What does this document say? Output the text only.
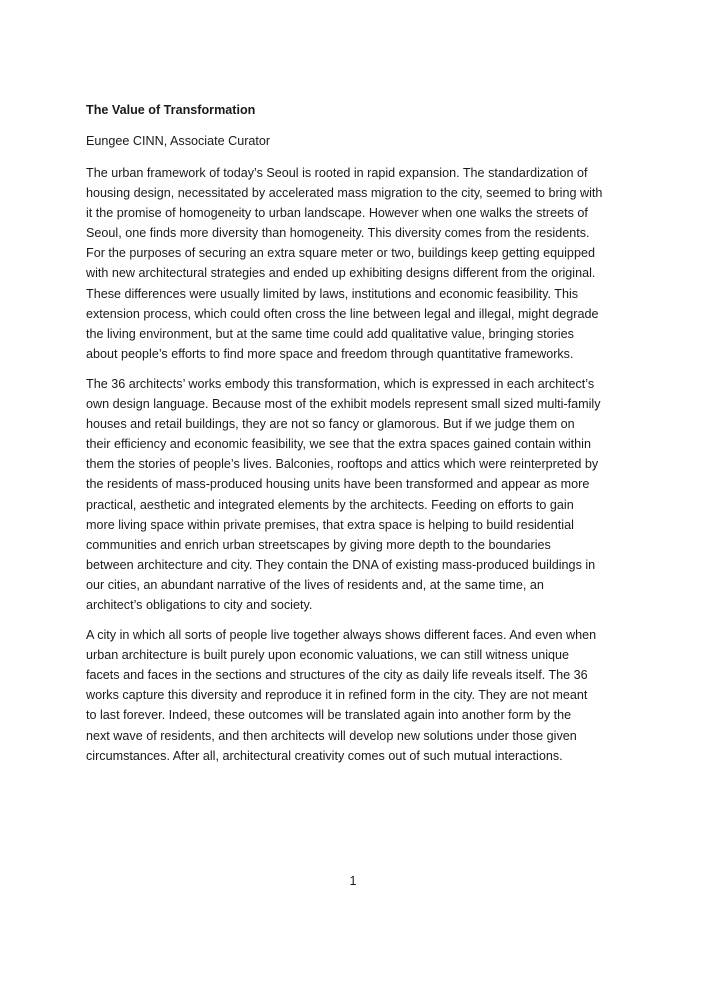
The Value of Transformation
Eungee CINN, Associate Curator
The urban framework of today’s Seoul is rooted in rapid expansion. The standardization of
housing design, necessitated by accelerated mass migration to the city, seemed to bring with
it the promise of homogeneity to urban landscape. However when one walks the streets of
Seoul, one finds more diversity than homogeneity. This diversity comes from the residents.
For the purposes of securing an extra square meter or two, buildings keep getting equipped
with new architectural strategies and ended up exhibiting designs different from the original.
These differences were usually limited by laws, institutions and economic feasibility. This
extension process, which could often cross the line between legal and illegal, might degrade
the living environment, but at the same time could add qualitative value, bringing stories
about people’s efforts to find more space and freedom through quantitative frameworks.
The 36 architects’ works embody this transformation, which is expressed in each architect’s
own design language. Because most of the exhibit models represent small sized multi-family
houses and retail buildings, they are not so fancy or glamorous. But if we judge them on
their efficiency and economic feasibility, we see that the extra spaces gained contain within
them the stories of people’s lives. Balconies, rooftops and attics which were reinterpreted by
the residents of mass-produced housing units have been transformed and appear as more
practical, aesthetic and integrated elements by the architects. Feeding on efforts to gain
more living space within private premises, that extra space is helping to build residential
communities and enrich urban streetscapes by giving more depth to the boundaries
between architecture and city. They contain the DNA of existing mass-produced buildings in
our cities, an abundant narrative of the lives of residents and, at the same time, an
architect’s obligations to city and society.
A city in which all sorts of people live together always shows different faces. And even when
urban architecture is built purely upon economic valuations, we can still witness unique
facets and faces in the sections and structures of the city as daily life reveals itself. The 36
works capture this diversity and reproduce it in refined form in the city. They are not meant
to last forever. Indeed, these outcomes will be translated again into another form by the
next wave of residents, and then architects will develop new solutions under those given
circumstances. After all, architectural creativity comes out of such mutual interactions.
1
